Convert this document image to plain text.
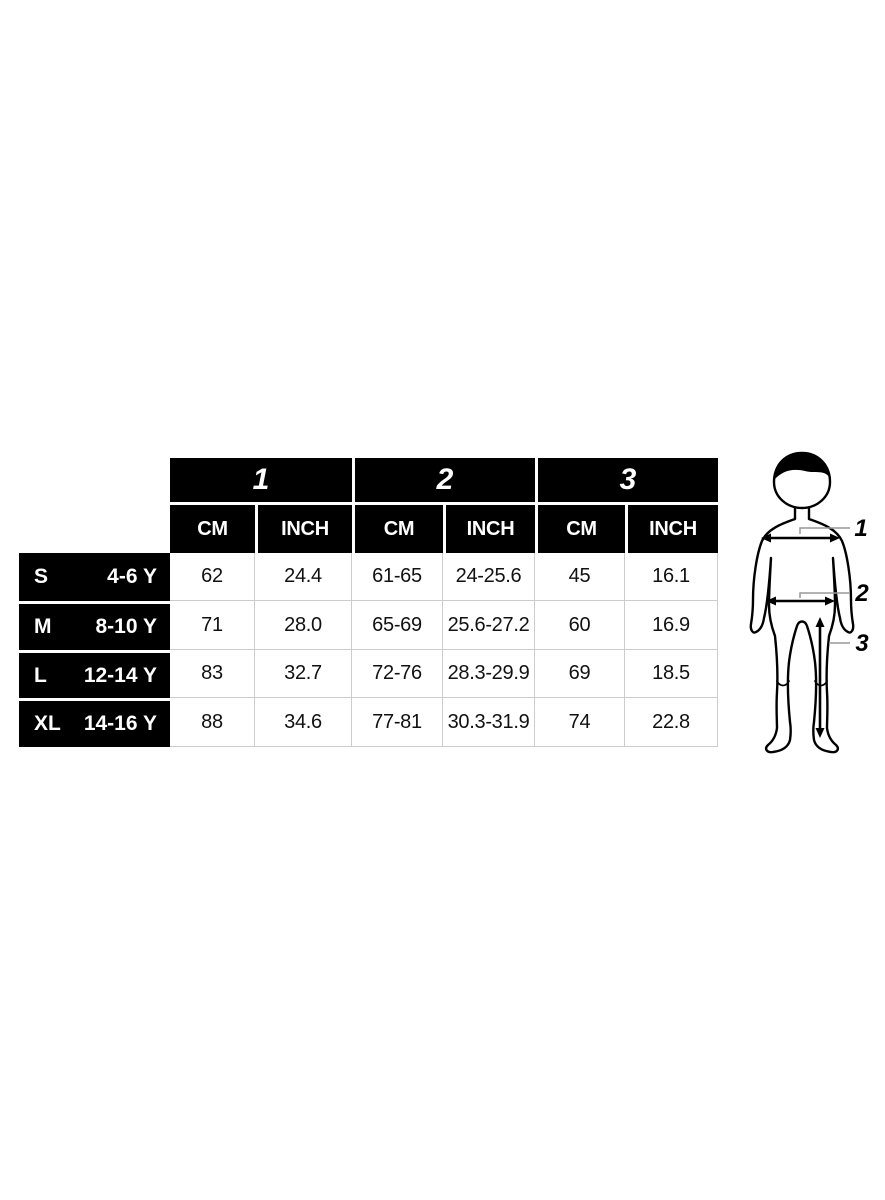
1	2	3
CM	INCH	CM	INCH	CM	INCH
S	4-6 Y	62	24.4	61-65	24-25.6	45	16.1
M 8-10 Y	71	28.0	65-69	25.6-27.2	60	16.9
L 12-14 Y	83	32.7	72-76	28.3-29.9	69	18.5
XL 14-16 Y	88	34.6	77-81	30.3-31.9	74	22.8
1
2
3
